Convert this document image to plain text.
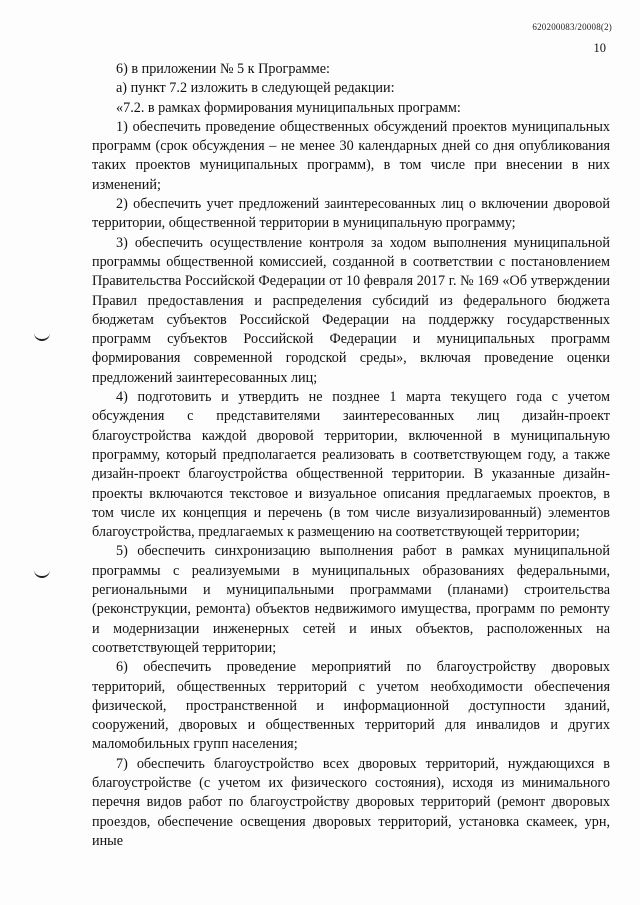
620200083/20008(2)
10

6) в приложении № 5 к Программе:

а) пункт 7.2 изложить в следующей редакции:

«7.2. в рамках формирования муниципальных программ:

1) обеспечить проведение общественных обсуждений проектов муниципальных программ (срок обсуждения – не менее 30 календарных дней со дня опубликования таких проектов муниципальных программ), в том числе при внесении в них изменений;

2) обеспечить учет предложений заинтересованных лиц о включении дворовой территории, общественной территории в муниципальную программу;

3) обеспечить осуществление контроля за ходом выполнения муниципальной программы общественной комиссией, созданной в соответствии с постановлением Правительства Российской Федерации от 10 февраля 2017 г. № 169 «Об утверждении Правил предоставления и распределения субсидий из федерального бюджета бюджетам субъектов Российской Федерации на поддержку государственных программ субъектов Российской Федерации и муниципальных программ формирования современной городской среды», включая проведение оценки предложений заинтересованных лиц;

4) подготовить и утвердить не позднее 1 марта текущего года с учетом обсуждения с представителями заинтересованных лиц дизайн-проект благоустройства каждой дворовой территории, включенной в муниципальную программу, который предполагается реализовать в соответствующем году, а также дизайн-проект благоустройства общественной территории. В указанные дизайн-проекты включаются текстовое и визуальное описания предлагаемых проектов, в том числе их концепция и перечень (в том числе визуализированный) элементов благоустройства, предлагаемых к размещению на соответствующей территории;

5) обеспечить синхронизацию выполнения работ в рамках муниципальной программы с реализуемыми в муниципальных образованиях федеральными, региональными и муниципальными программами (планами) строительства (реконструкции, ремонта) объектов недвижимого имущества, программ по ремонту и модернизации инженерных сетей и иных объектов, расположенных на соответствующей территории;

6) обеспечить проведение мероприятий по благоустройству дворовых территорий, общественных территорий с учетом необходимости обеспечения физической, пространственной и информационной доступности зданий, сооружений, дворовых и общественных территорий для инвалидов и других маломобильных групп населения;

7) обеспечить благоустройство всех дворовых территорий, нуждающихся в благоустройстве (с учетом их физического состояния), исходя из минимального перечня видов работ по благоустройству дворовых территорий (ремонт дворовых проездов, обеспечение освещения дворовых территорий, установка скамеек, урн, иные
